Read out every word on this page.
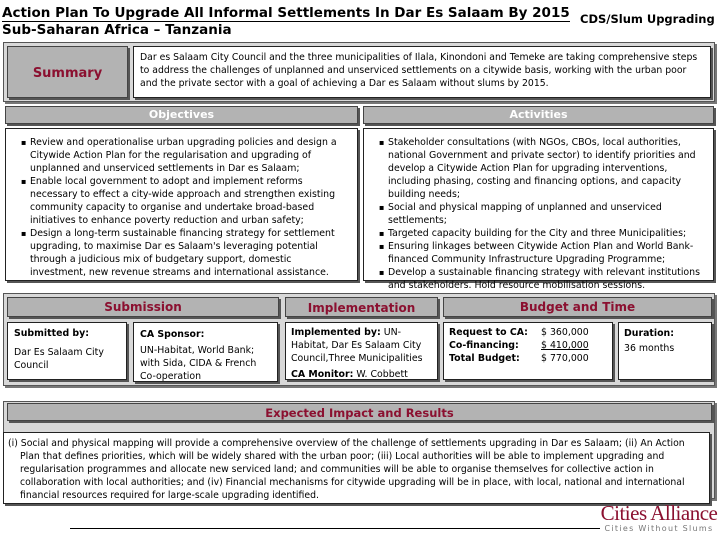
Action Plan To Upgrade All Informal Settlements In Dar Es Salaam By 2015
Sub-Saharan Africa – Tanzania
CDS/Slum Upgrading
Summary
Dar es Salaam City Council and the three municipalities of Ilala, Kinondoni and Temeke are taking comprehensive steps to address the challenges of unplanned and unserviced settlements on a citywide basis, working with the urban poor and the private sector with a goal of achieving a Dar es Salaam without slums by 2015.
Objectives	Activities
▪ Review and operationalise urban upgrading policies and design a Citywide Action Plan for the regularisation and upgrading of unplanned and unserviced settlements in Dar es Salaam;
▪ Enable local government to adopt and implement reforms necessary to effect a city-wide approach and strengthen existing community capacity to organise and undertake broad-based initiatives to enhance poverty reduction and urban safety;
▪ Design a long-term sustainable financing strategy for settlement upgrading, to maximise Dar es Salaam's leveraging potential through a judicious mix of budgetary support, domestic investment, new revenue streams and international assistance.
▪ Stakeholder consultations (with NGOs, CBOs, local authorities, national Government and private sector) to identify priorities and develop a Citywide Action Plan for upgrading interventions, including phasing, costing and financing options, and capacity building needs;
▪ Social and physical mapping of unplanned and unserviced settlements;
▪ Targeted capacity building for the City and three Municipalities;
▪ Ensuring linkages between Citywide Action Plan and World Bank-financed Community Infrastructure Upgrading Programme;
▪ Develop a sustainable financing strategy with relevant institutions and stakeholders. Hold resource mobilisation sessions.
Submission	Implementation	Budget and Time
Submitted by:
Dar Es Salaam City Council
CA Sponsor:
UN-Habitat, World Bank; with Sida, CIDA & French Co-operation
Implemented by: UN-Habitat, Dar Es Salaam City Council,Three Municipalities
CA Monitor: W. Cobbett
Request to CA: $ 360,000
Co-financing: $ 410,000
Total Budget: $ 770,000
Duration:
36 months
Expected Impact and Results
(i) Social and physical mapping will provide a comprehensive overview of the challenge of settlements upgrading in Dar es Salaam; (ii) An Action Plan that defines priorities, which will be widely shared with the urban poor; (iii) Local authorities will be able to implement upgrading and regularisation programmes and allocate new serviced land; and communities will be able to organise themselves for collective action in collaboration with local authorities; and (iv) Financial mechanisms for citywide upgrading will be in place, with local, national and international financial resources required for large-scale upgrading identified.
Cities Alliance
Cities Without Slums
